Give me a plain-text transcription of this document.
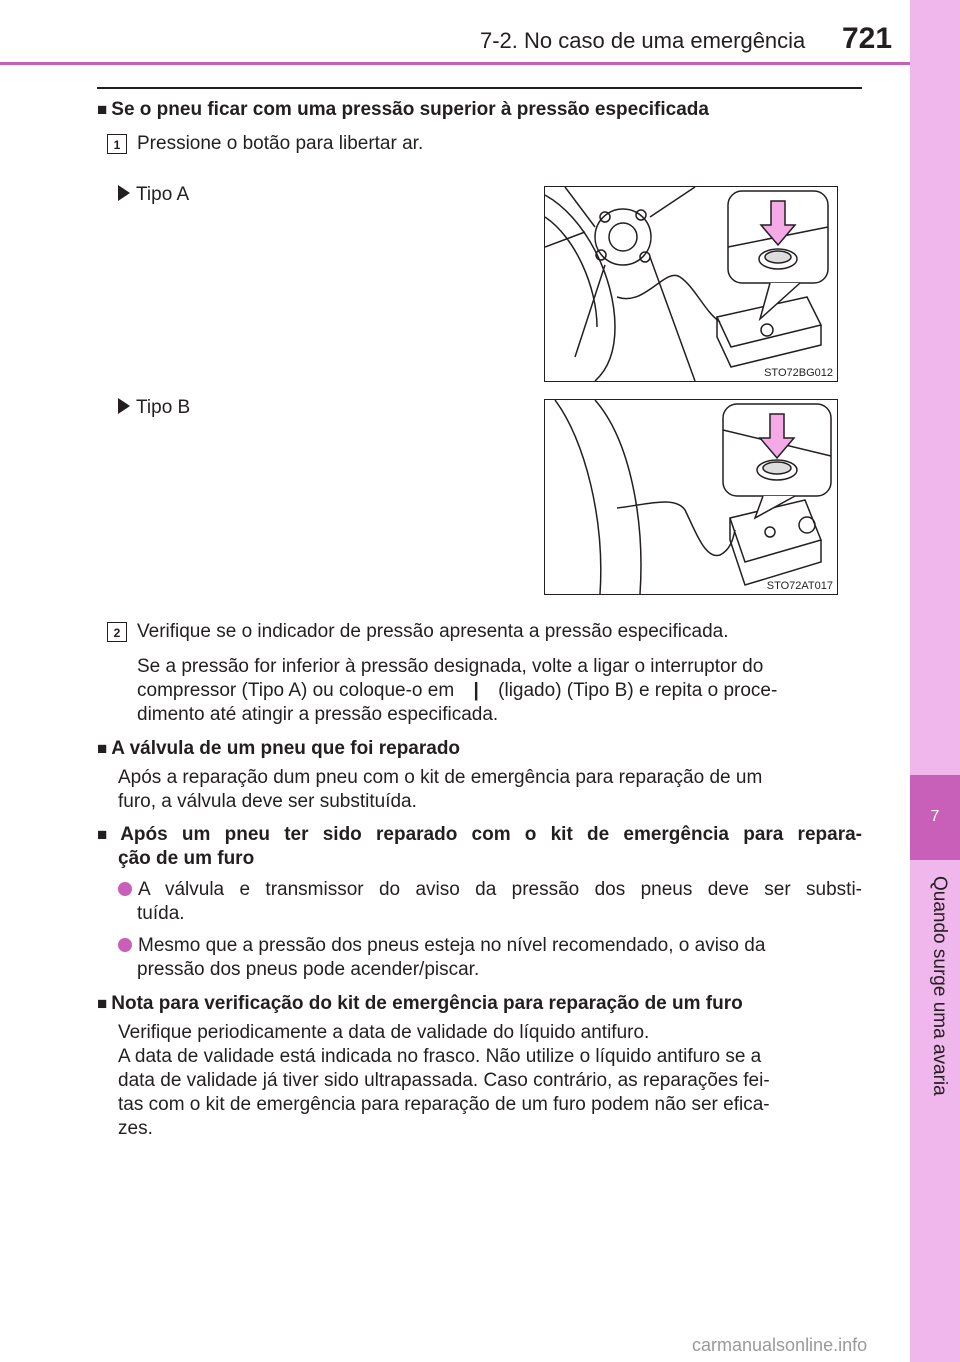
7-2. No caso de uma emergência 721
7
Quando surge uma avaria
■ Se o pneu ficar com uma pressão superior à pressão especificada
1 Pressione o botão para libertar ar.
Tipo A
STO72BG012
Tipo B
STO72AT017
2 Verifique se o indicador de pressão apresenta a pressão especificada.
Se a pressão for inferior à pressão designada, volte a ligar o interruptor do
compressor (Tipo A) ou coloque-o em | (ligado) (Tipo B) e repita o proce-
dimento até atingir a pressão especificada.
■ A válvula de um pneu que foi reparado
Após a reparação dum pneu com o kit de emergência para reparação de um
furo, a válvula deve ser substituída.
■ Após um pneu ter sido reparado com o kit de emergência para repara-
ção de um furo
A válvula e transmissor do aviso da pressão dos pneus deve ser substi-
tuída.
Mesmo que a pressão dos pneus esteja no nível recomendado, o aviso da
pressão dos pneus pode acender/piscar.
■ Nota para verificação do kit de emergência para reparação de um furo
Verifique periodicamente a data de validade do líquido antifuro.
A data de validade está indicada no frasco. Não utilize o líquido antifuro se a
data de validade já tiver sido ultrapassada. Caso contrário, as reparações fei-
tas com o kit de emergência para reparação de um furo podem não ser efica-
zes.
carmanualsonline.info
